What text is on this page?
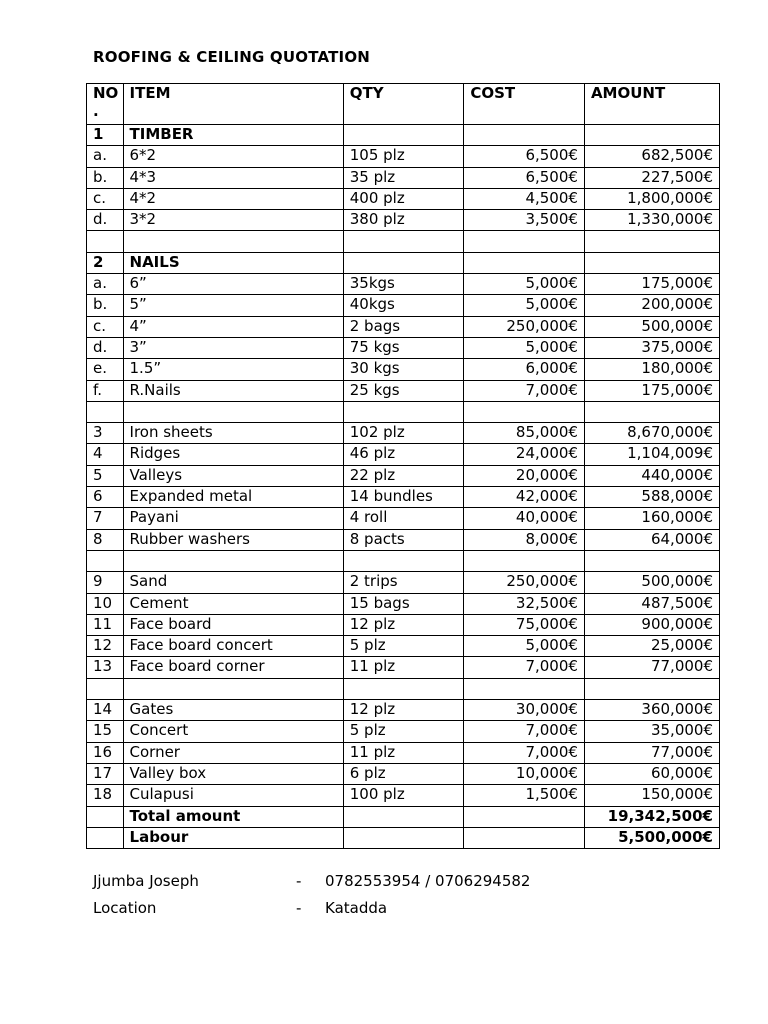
ROOFING & CEILING QUOTATION
NO
.	ITEM	QTY	COST	AMOUNT
1	TIMBER			
a.	6*2	105 plz	6,500€	682,500€
b.	4*3	35 plz	6,500€	227,500€
c.	4*2	400 plz	4,500€	1,800,000€
d.	3*2	380 plz	3,500€	1,330,000€

2	NAILS			
a.	6”	35kgs	5,000€	175,000€
b.	5”	40kgs	5,000€	200,000€
c.	4”	2 bags	250,000€	500,000€
d.	3”	75 kgs	5,000€	375,000€
e.	1.5”	30 kgs	6,000€	180,000€
f.	R.Nails	25 kgs	7,000€	175,000€

3	Iron sheets	102 plz	85,000€	8,670,000€
4	Ridges	46 plz	24,000€	1,104,009€
5	Valleys	22 plz	20,000€	440,000€
6	Expanded metal	14 bundles	42,000€	588,000€
7	Payani	4 roll	40,000€	160,000€
8	Rubber washers	8 pacts	8,000€	64,000€

9	Sand	2 trips	250,000€	500,000€
10	Cement	15 bags	32,500€	487,500€
11	Face board	12 plz	75,000€	900,000€
12	Face board concert	5 plz	5,000€	25,000€
13	Face board corner	11 plz	7,000€	77,000€

14	Gates	12 plz	30,000€	360,000€
15	Concert	5 plz	7,000€	35,000€
16	Corner	11 plz	7,000€	77,000€
17	Valley box	6 plz	10,000€	60,000€
18	Culapusi	100 plz	1,500€	150,000€
	Total amount			19,342,500€
	Labour			5,500,000€
Jjumba Joseph	- 0782553954 / 0706294582
Location	- Katadda
